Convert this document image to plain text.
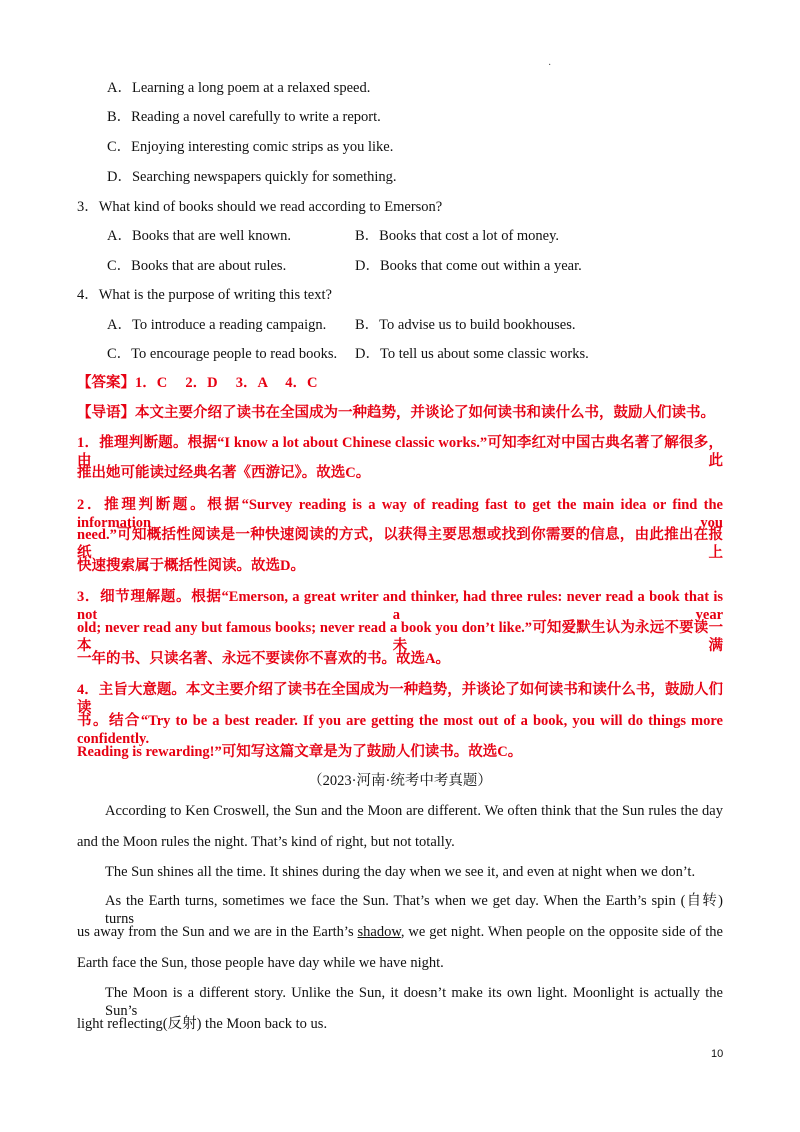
·
A．Learning a long poem at a relaxed speed.
B．Reading a novel carefully to write a report.
C．Enjoying interesting comic strips as you like.
D．Searching newspapers quickly for something.
3．What kind of books should we read according to Emerson?
A．Books that are well known.	B．Books that cost a lot of money.
C．Books that are about rules.	D．Books that come out within a year.
4．What is the purpose of writing this text?
A．To introduce a reading campaign. B．To advise us to build bookhouses.
C．To encourage people to read books. D．To tell us about some classic works.
【答案】1．C　 2．D　 3．A　 4．C
【导语】本文主要介绍了读书在全国成为一种趋势，并谈论了如何读书和读什么书，鼓励人们读书。
1．推理判断题。根据“I know a lot about Chinese classic works.”可知李红对中国古典名著了解很多，由此
推出她可能读过经典名著《西游记》。故选C。
2．推理判断题。根据“Survey reading is a way of reading fast to get the main idea or find the information you
need.”可知概括性阅读是一种快速阅读的方式，以获得主要思想或找到你需要的信息，由此推出在报纸上
快速搜索属于概括性阅读。故选D。
3．细节理解题。根据“Emerson, a great writer and thinker, had three rules: never read a book that is not a year
old; never read any but famous books; never read a book you don’t like.”可知爱默生认为永远不要读一本未满
一年的书、只读名著、永远不要读你不喜欢的书。故选A。
4．主旨大意题。本文主要介绍了读书在全国成为一种趋势，并谈论了如何读书和读什么书，鼓励人们读
书。结合“Try to be a best reader. If you are getting the most out of a book, you will do things more confidently.
Reading is rewarding!”可知写这篇文章是为了鼓励人们读书。故选C。
（2023·河南·统考中考真题）
According to Ken Croswell, the Sun and the Moon are different. We often think that the Sun rules the day
and the Moon rules the night. That’s kind of right, but not totally.
The Sun shines all the time. It shines during the day when we see it, and even at night when we don’t.
As the Earth turns, sometimes we face the Sun. That’s when we get day. When the Earth’s spin (自转) turns
us away from the Sun and we are in the Earth’s shadow, we get night. When people on the opposite side of the
Earth face the Sun, those people have day while we have night.
The Moon is a different story. Unlike the Sun, it doesn’t make its own light. Moonlight is actually the Sun’s
light reflecting(反射) the Moon back to us.
10
